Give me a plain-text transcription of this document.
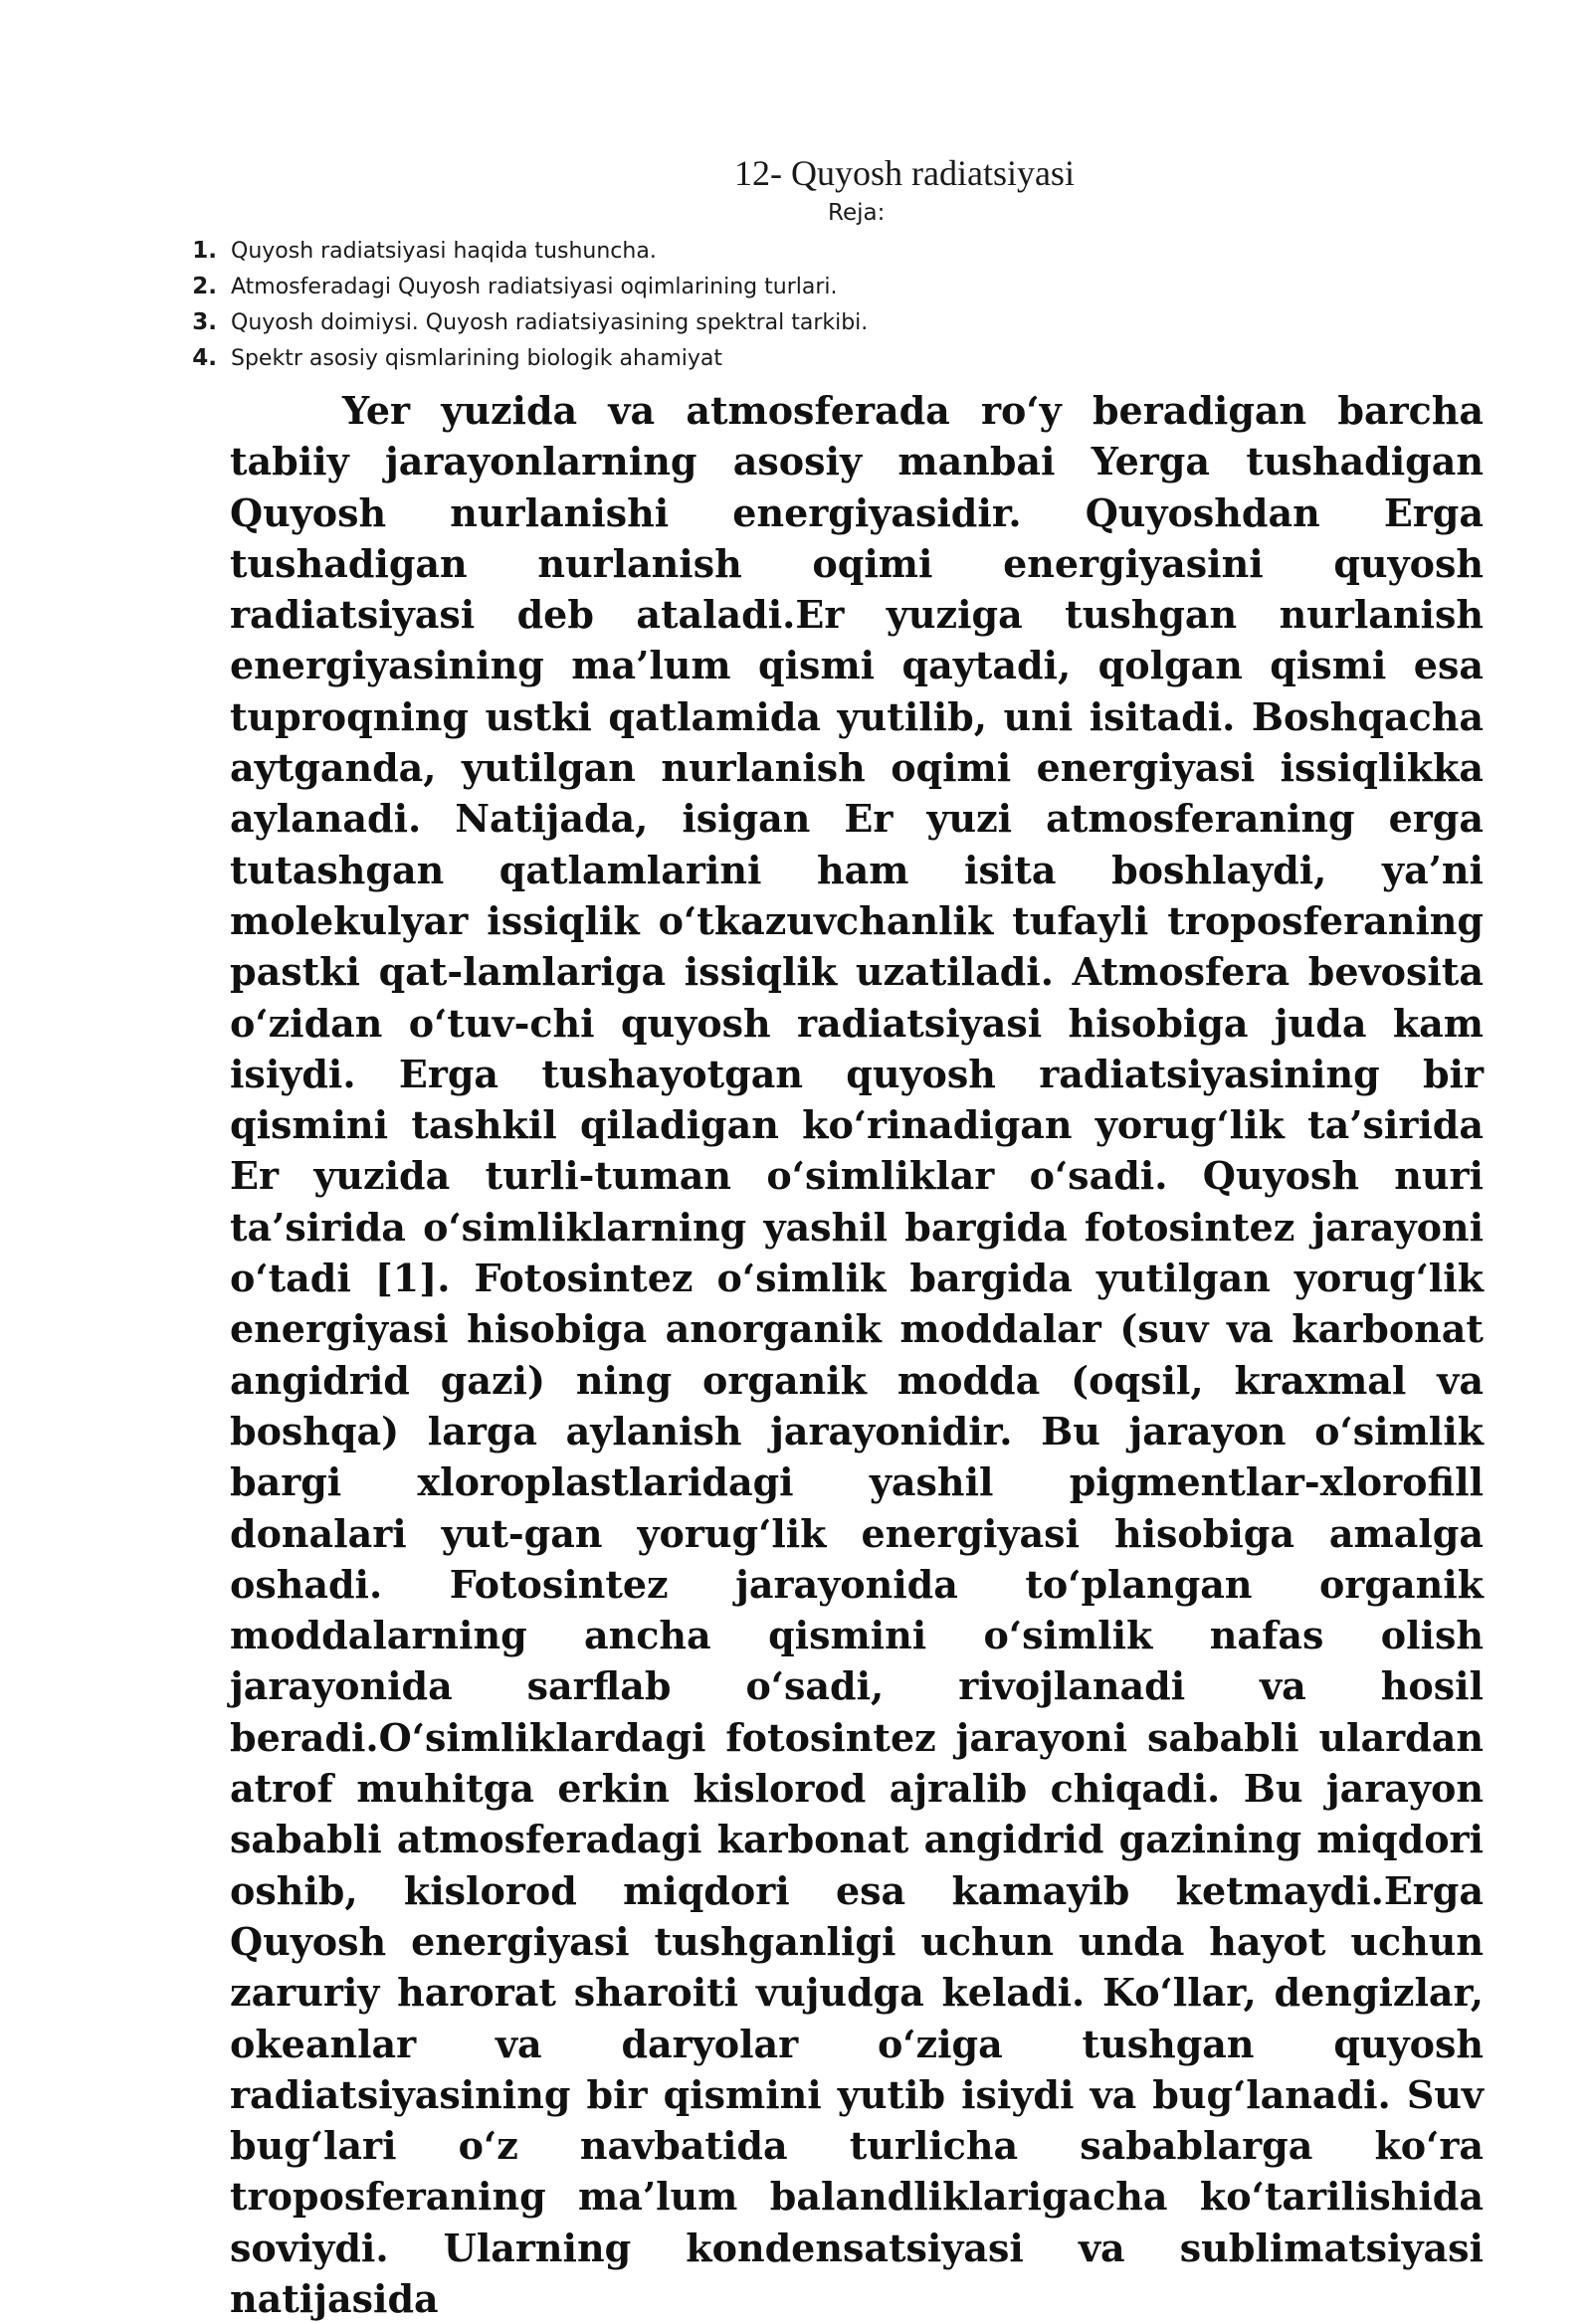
12- Quyosh radiatsiyasi
Reja:
1. Quyosh radiatsiyasi haqida tushuncha.
2. Atmosferadagi Quyosh radiatsiyasi oqimlarining turlari.
3. Quyosh doimiysi. Quyosh radiatsiyasining spektral tarkibi.
4. Spektr asosiy qismlarining biologik ahamiyat

Yer yuzida va atmosferada roʻy beradigan barcha tabiiy jarayonlarning asosiy manbai Yerga tushadigan Quyosh nurlanishi energiyasidir. Quyoshdan Erga tushadigan nurlanish oqimi energiyasini quyosh radiatsiyasi deb ataladi.Er yuziga tushgan nurlanish energiyasining ma’lum qismi qaytadi, qolgan qismi esa tuproqning ustki qatlamida yutilib, uni isitadi. Boshqacha aytganda, yutilgan nurlanish oqimi energiyasi issiqlikka aylanadi. Natijada, isigan Er yuzi atmosferaning erga tutashgan qatlamlarini ham isita boshlaydi, ya’ni molekulyar issiqlik oʻtkazuvchanlik tufayli troposferaning pastki qat-lamlariga issiqlik uzatiladi. Atmosfera bevosita oʻzidan oʻtuv-chi quyosh radiatsiyasi hisobiga juda kam isiydi. Erga tushayotgan quyosh radiatsiyasining bir qismini tashkil qiladigan koʻrinadigan yorugʻlik ta’sirida Er yuzida turli-tuman oʻsimliklar oʻsadi. Quyosh nuri ta’sirida oʻsimliklarning yashil bargida fotosintez jarayoni oʻtadi [1]. Fotosintez oʻsimlik bargida yutilgan yorugʻlik energiyasi hisobiga anorganik moddalar (suv va karbonat angidrid gazi) ning organik modda (oqsil, kraxmal va boshqa) larga aylanish jarayonidir. Bu jarayon oʻsimlik bargi xloroplastlaridagi yashil pigmentlar-xlorofill donalari yut-gan yorugʻlik energiyasi hisobiga amalga oshadi. Fotosintez jarayonida toʻplangan organik moddalarning ancha qismini oʻsimlik nafas olish jarayonida sarflab oʻsadi, rivojlanadi va hosil beradi.Oʻsimliklardagi fotosintez jarayoni sababli ulardan atrof muhitga erkin kislorod ajralib chiqadi. Bu jarayon sababli atmosferadagi karbonat angidrid gazining miqdori oshib, kislorod miqdori esa kamayib ketmaydi.Erga Quyosh energiyasi tushganligi uchun unda hayot uchun zaruriy harorat sharoiti vujudga keladi. Koʻllar, dengizlar, okeanlar va daryolar oʻziga tushgan quyosh radiatsiyasining bir qismini yutib isiydi va bugʻlanadi. Suv bugʻlari oʻz navbatida turlicha sabablarga koʻra troposferaning ma’lum balandliklarigacha koʻtarilishida soviydi. Ularning kondensatsiyasi va sublimatsiyasi natijasida
